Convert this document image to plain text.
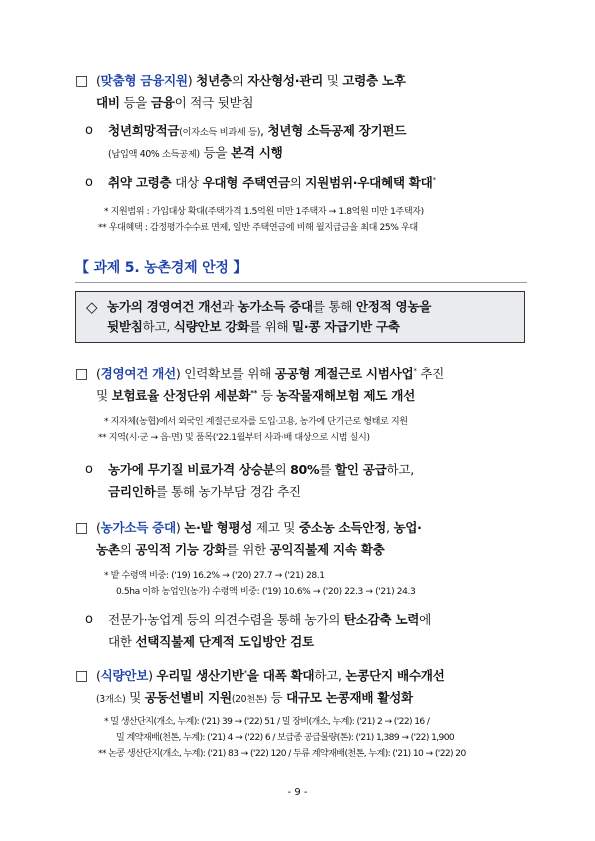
□ (맞춤형 금융지원) 청년층의 자산형성·관리 및 고령층 노후
대비 등을 금융이 적극 뒷받침
ο 청년희망적금(이자소득 비과세 등), 청년형 소득공제 장기펀드
(납입액 40% 소득공제) 등을 본격 시행
ο 취약 고령층 대상 우대형 주택연금의 지원범위·우대혜택 확대*
* 지원범위 : 가입대상 확대(주택가격 1.5억원 미만 1주택자 → 1.8억원 미만 1주택자)
** 우대혜택 : 감정평가수수료 면제, 일반 주택연금에 비해 월지급금을 최대 25% 우대
【 과제 5. 농촌경제 안정 】
◇ 농가의 경영여건 개선과 농가소득 증대를 통해 안정적 영농을
뒷받침하고, 식량안보 강화를 위해 밀·콩 자급기반 구축
□ (경영여건 개선) 인력확보를 위해 공공형 계절근로 시범사업* 추진
및 보험료율 산정단위 세분화** 등 농작물재해보험 제도 개선
* 지자체(농협)에서 외국인 계절근로자를 도입·고용, 농가에 단기근로 형태로 지원
** 지역(시·군 → 읍·면) 및 품목('22.1월부터 사과·배 대상으로 시범 실시)
ο 농가에 무기질 비료가격 상승분의 80%를 할인 공급하고,
금리인하를 통해 농가부담 경감 추진
□ (농가소득 증대) 논·밭 형평성 제고 및 중소농 소득안정, 농업·
농촌의 공익적 기능 강화를 위한 공익직불제 지속 확충
* 밭 수령액 비중: ('19) 16.2% → ('20) 27.7 → ('21) 28.1
0.5ha 이하 농업인(농가) 수령액 비중: ('19) 10.6% → ('20) 22.3 → ('21) 24.3
ο 전문가·농업계 등의 의견수렴을 통해 농가의 탄소감축 노력에
대한 선택직불제 단계적 도입방안 검토
□ (식량안보) 우리밀 생산기반*을 대폭 확대하고, 논콩단지 배수개선
(3개소) 및 공동선별비 지원(20천톤) 등 대규모 논콩재배 활성화
* 밀 생산단지(개소, 누계): ('21) 39 → ('22) 51 / 밀 장비(개소, 누계): ('21) 2 → ('22) 16 /
밀 계약재배(천톤, 누계): ('21) 4 → ('22) 6 / 보급종 공급물량(톤): ('21) 1,389 → ('22) 1,900
** 논콩 생산단지(개소, 누계): ('21) 83 → ('22) 120 / 두류 계약재배(천톤, 누계): ('21) 10 → ('22) 20
- 9 -
